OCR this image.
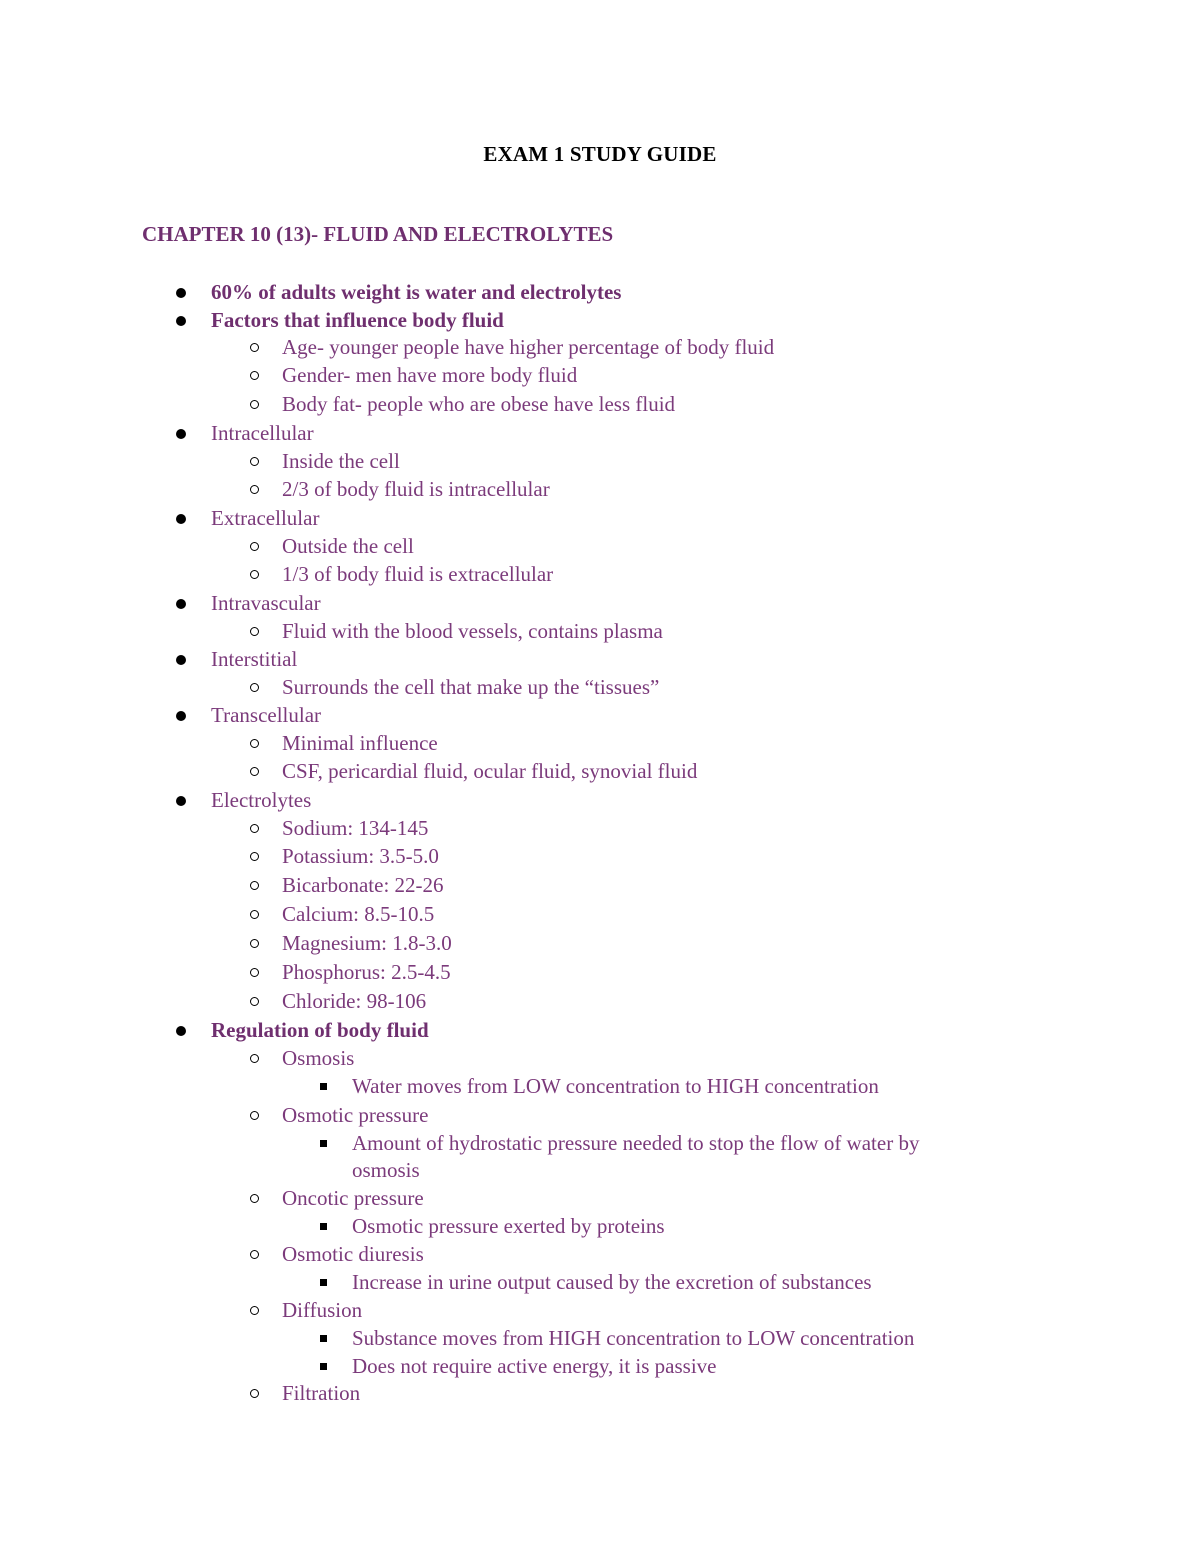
EXAM 1 STUDY GUIDE
CHAPTER 10 (13)- FLUID AND ELECTROLYTES
60% of adults weight is water and electrolytes
Factors that influence body fluid
Age- younger people have higher percentage of body fluid
Gender- men have more body fluid
Body fat- people who are obese have less fluid
Intracellular
Inside the cell
2/3 of body fluid is intracellular
Extracellular
Outside the cell
1/3 of body fluid is extracellular
Intravascular
Fluid with the blood vessels, contains plasma
Interstitial
Surrounds the cell that make up the “tissues”
Transcellular
Minimal influence
CSF, pericardial fluid, ocular fluid, synovial fluid
Electrolytes
Sodium: 134-145
Potassium: 3.5-5.0
Bicarbonate: 22-26
Calcium: 8.5-10.5
Magnesium: 1.8-3.0
Phosphorus: 2.5-4.5
Chloride: 98-106
Regulation of body fluid
Osmosis
Water moves from LOW concentration to HIGH concentration
Osmotic pressure
Amount of hydrostatic pressure needed to stop the flow of water by
osmosis
Oncotic pressure
Osmotic pressure exerted by proteins
Osmotic diuresis
Increase in urine output caused by the excretion of substances
Diffusion
Substance moves from HIGH concentration to LOW concentration
Does not require active energy, it is passive
Filtration
